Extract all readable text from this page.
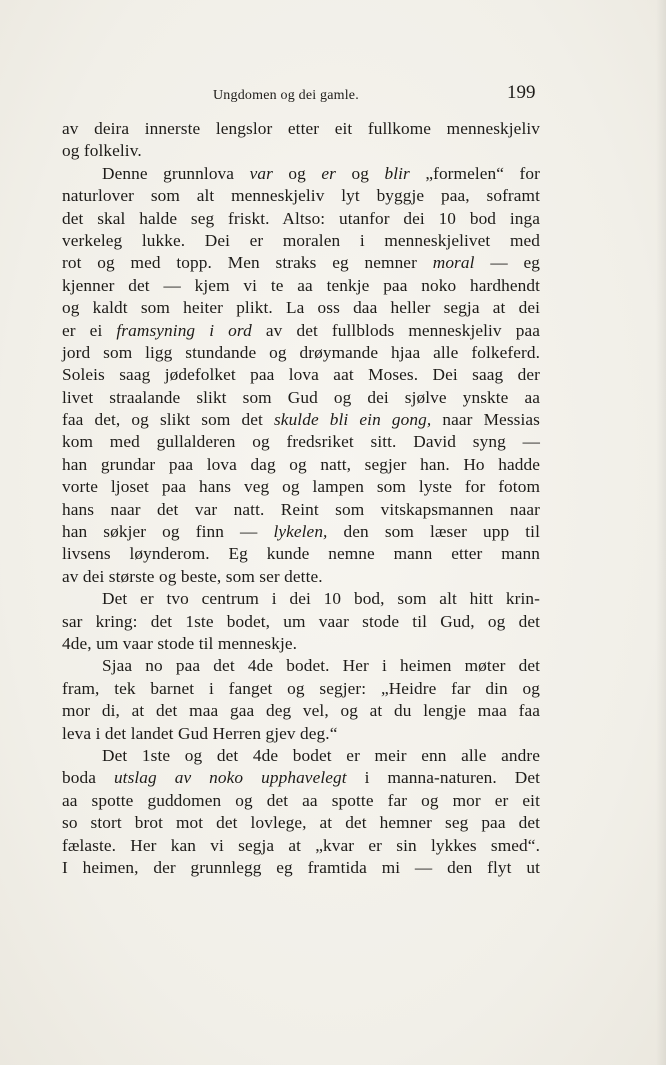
Ungdomen og dei gamle.	199
av deira innerste lengslor etter eit fullkome menneskjeliv
og folkeliv.
Denne grunnlova var og er og blir „formelen“ for
naturlover som alt menneskjeliv lyt byggje paa, soframt
det skal halde seg friskt. Altso: utanfor dei 10 bod inga
verkeleg lukke. Dei er moralen i menneskjelivet med
rot og med topp. Men straks eg nemner moral — eg
kjenner det — kjem vi te aa tenkje paa noko hardhendt
og kaldt som heiter plikt. La oss daa heller segja at dei
er ei framsyning i ord av det fullblods menneskjeliv paa
jord som ligg stundande og drøymande hjaa alle folkeferd.
Soleis saag jødefolket paa lova aat Moses. Dei saag der
livet straalande slikt som Gud og dei sjølve ynskte aa
faa det, og slikt som det skulde bli ein gong, naar Messias
kom med gullalderen og fredsriket sitt. David syng —
han grundar paa lova dag og natt, segjer han. Ho hadde
vorte ljoset paa hans veg og lampen som lyste for fotom
hans naar det var natt. Reint som vitskapsmannen naar
han søkjer og finn — lykelen, den som læser upp til
livsens løynderom. Eg kunde nemne mann etter mann
av dei største og beste, som ser dette.
Det er tvo centrum i dei 10 bod, som alt hitt krin-
sar kring: det 1ste bodet, um vaar stode til Gud, og det
4de, um vaar stode til menneskje.
Sjaa no paa det 4de bodet. Her i heimen møter det
fram, tek barnet i fanget og segjer: „Heidre far din og
mor di, at det maa gaa deg vel, og at du lengje maa faa
leva i det landet Gud Herren gjev deg.“
Det 1ste og det 4de bodet er meir enn alle andre
boda utslag av noko upphavelegt i manna-naturen. Det
aa spotte guddomen og det aa spotte far og mor er eit
so stort brot mot det lovlege, at det hemner seg paa det
fælaste. Her kan vi segja at „kvar er sin lykkes smed“.
I heimen, der grunnlegg eg framtida mi — den flyt ut
